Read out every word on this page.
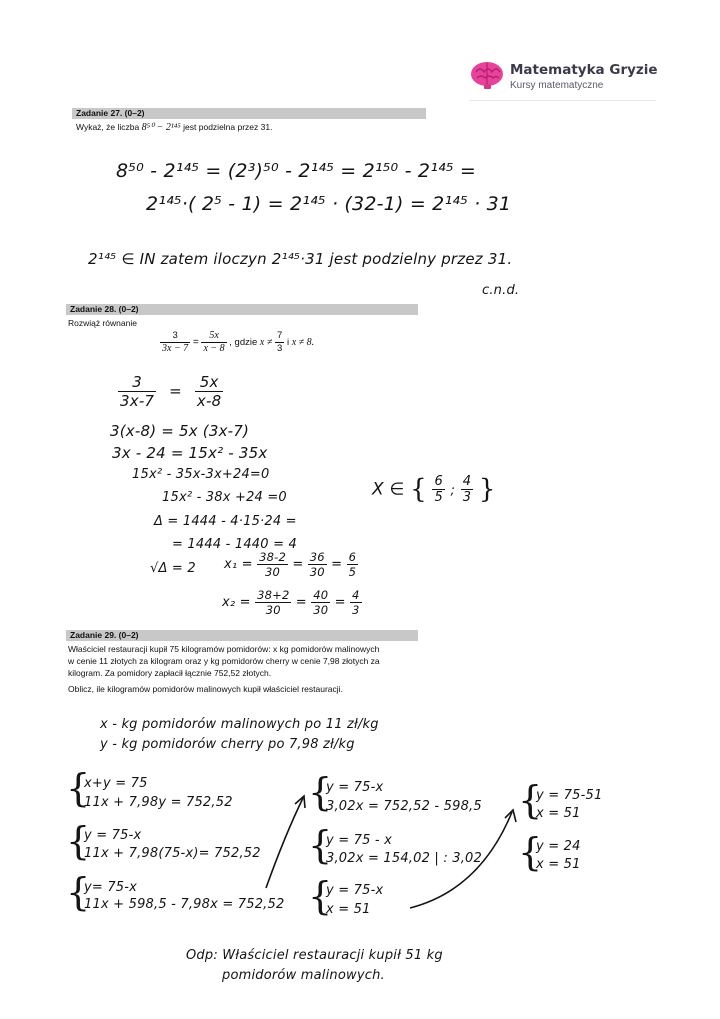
Matematyka Gryzie
Kursy matematyczne
Zadanie 27. (0–2)
Wykaż, że liczba 8⁵⁰ − 2¹⁴⁵ jest podzielna przez 31.
8⁵⁰ - 2¹⁴⁵ = (2³)⁵⁰ - 2¹⁴⁵ = 2¹⁵⁰ - 2¹⁴⁵ =
2¹⁴⁵·( 2⁵ - 1) = 2¹⁴⁵ · (32-1) = 2¹⁴⁵ · 31
2¹⁴⁵ ∈ IN zatem iloczyn 2¹⁴⁵·31 jest podzielny przez 31.
c.n.d.
Zadanie 28. (0–2)
Rozwiąż równanie
$\frac{3}{3x - 7} = \frac{5x}{x - 8}$ , gdzie $x \ne \frac{7}{3}$ i x ≠ 8.
$\frac{3}{3x-7} = \frac{5x}{x-8}$
3(x-8) = 5x (3x-7)
3x - 24 = 15x² - 35x
15x² - 35x-3x+24=0
15x² - 38x +24 =0
Δ = 1444 - 4·15·24 =
= 1444 - 1440 = 4
√Δ = 2 $x_1 = \frac{38-2}{30} = \frac{36}{30} = \frac{6}{5}$
$x_2 = \frac{38+2}{30} = \frac{40}{30} = \frac{4}{3}$
X ∈ { $\frac{6}{5}$ ; $\frac{4}{3}$ }
Zadanie 29. (0–2)
Właściciel restauracji kupił 75 kilogramów pomidorów: x kg pomidorów malinowych
w cenie 11 złotych za kilogram oraz y kg pomidorów cherry w cenie 7,98 złotych za
kilogram. Za pomidory zapłacił łącznie 752,52 złotych.
Oblicz, ile kilogramów pomidorów malinowych kupił właściciel restauracji.
x - kg pomidorów malinowych po 11 zł/kg
y - kg pomidorów cherry po 7,98 zł/kg
{
x+y = 75
11x + 7,98y = 752,52
{
y = 75-x
11x + 7,98(75-x)= 752,52
{
y= 75-x
11x + 598,5 - 7,98x = 752,52
{
y = 75-x
3,02x = 752,52 - 598,5
{
y = 75 - x
3,02x = 154,02 | : 3,02
{
y = 75-x
x = 51
{
y = 75-51
x = 51
{
y = 24
x = 51
Odp: Właściciel restauracji kupił 51 kg
pomidorów malinowych.
